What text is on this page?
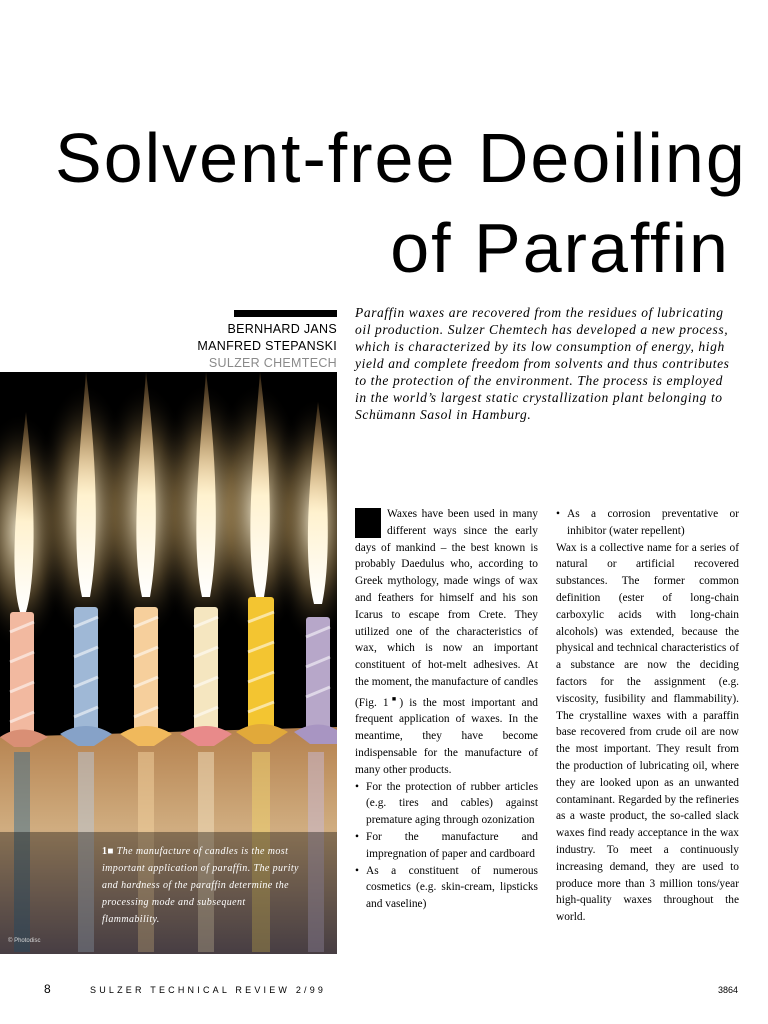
Solvent-free Deoiling
of Paraffin
BERNHARD JANS
MANFRED STEPANSKI
SULZER CHEMTECH

Paraffin waxes are recovered from the residues of lubricating oil production. Sulzer Chemtech has developed a new process, which is characterized by its low consumption of energy, high yield and complete freedom from solvents and thus contributes to the protection of the environment. The process is employed in the world’s largest static crystallization plant belonging to Schümann Sasol in Hamburg.

1■ The manufacture of candles is the most important application of paraffin. The purity and hardness of the paraffin determine the processing mode and subsequent flammability.

© Photodisc

Waxes have been used in many different ways since the early days of mankind – the best known is probably Daedulus who, according to Greek mythology, made wings of wax and feathers for himself and his son Icarus to escape from Crete. They utilized one of the characteristics of wax, which is now an important constituent of hot-melt adhesives. At the moment, the manufacture of candles (Fig. 1■) is the most important and frequent application of waxes. In the meantime, they have become indispensable for the manufacture of many other products.

• For the protection of rubber articles (e.g. tires and cables) against premature aging through ozonization
• For the manufacture and impregnation of paper and cardboard
• As a constituent of numerous cosmetics (e.g. skin-cream, lipsticks and vaseline)
• As a corrosion preventative or inhibitor (water repellent)

Wax is a collective name for a series of natural or artificial recovered substances. The former common definition (ester of long-chain carboxylic acids with long-chain alcohols) was extended, because the physical and technical characteristics of a substance are now the deciding factors for the assignment (e.g. viscosity, fusibility and flammability). The crystalline waxes with a paraffin base recovered from crude oil are now the most important. They result from the production of lubricating oil, where they are looked upon as an unwanted contaminant. Regarded by the refineries as a waste product, the so-called slack waxes find ready acceptance in the wax industry. To meet a continuously increasing demand, they are used to produce more than 3 million tons/year high-quality waxes throughout the world.

8	SULZER TECHNICAL REVIEW 2/99	3864
